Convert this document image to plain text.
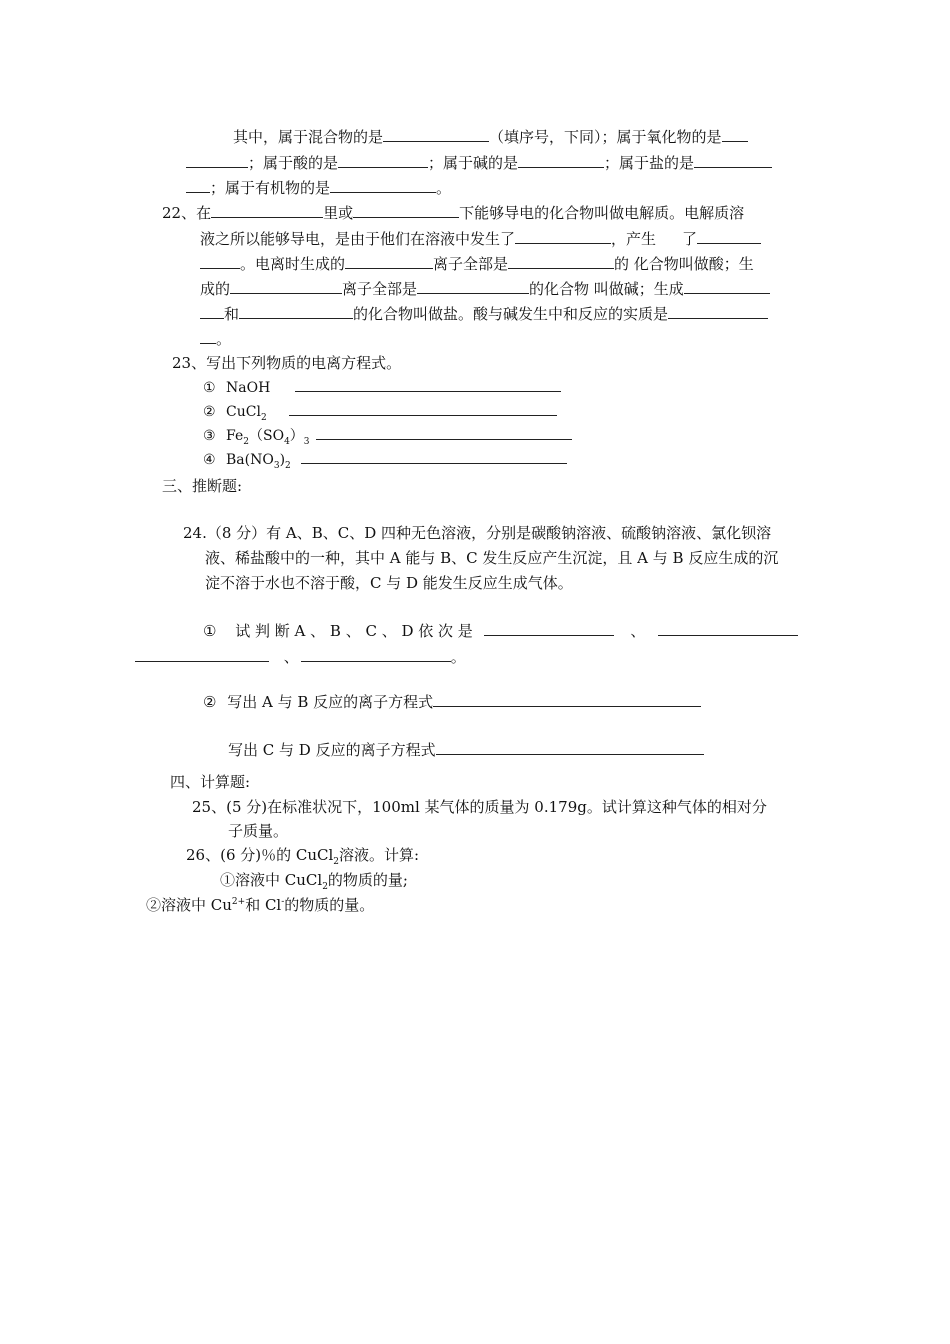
其中，属于混合物的是	（填序号，下同）；属于氧化物的是
；属于酸的是	；属于碱的是	；属于盐的是
；属于有机物的是	。
22、在	里或	下能够导电的化合物叫做电解质。电解质溶
液之所以能够导电，是由于他们在溶液中发生了	，产生 了
。电离时生成的	离子全部是	的 化合物叫做酸；生
成的	离子全部是	的化合物 叫做碱；生成
和	的化合物叫做盐。酸与碱发生中和反应的实质是
。
23、写出下列物质的电离方程式。
① NaOH
② CuCl$_2$
③ $Fe_2(SO_4)_3$
④ $Ba(NO_3)_2$
三、推断题:
24.（8 分）有 A、B、C、D 四种无色溶液，分别是碳酸钠溶液、硫酸钠溶液、氯化钡溶
液、稀盐酸中的一种，其中 A 能与 B、C 发生反应产生沉淀，且 A 与 B 反应生成的沉
淀不溶于水也不溶于酸，C 与 D 能发生反应生成气体。
① 试 判 断 A 、 B 、 C 、 D 依 次 是	、
、	。
② 写出 A 与 B 反应的离子方程式
写出 C 与 D 反应的离子方程式
四、计算题:
25、(5 分)在标准状况下，100ml 某气体的质量为 0.179g。试计算这种气体的相对分
子质量。
26、(6 分)％的 CuCl$_2$溶液。计算:
①溶液中 CuCl$_2$的物质的量;
②溶液中 $Cu^{2+}$和 Cl-的物质的量。
